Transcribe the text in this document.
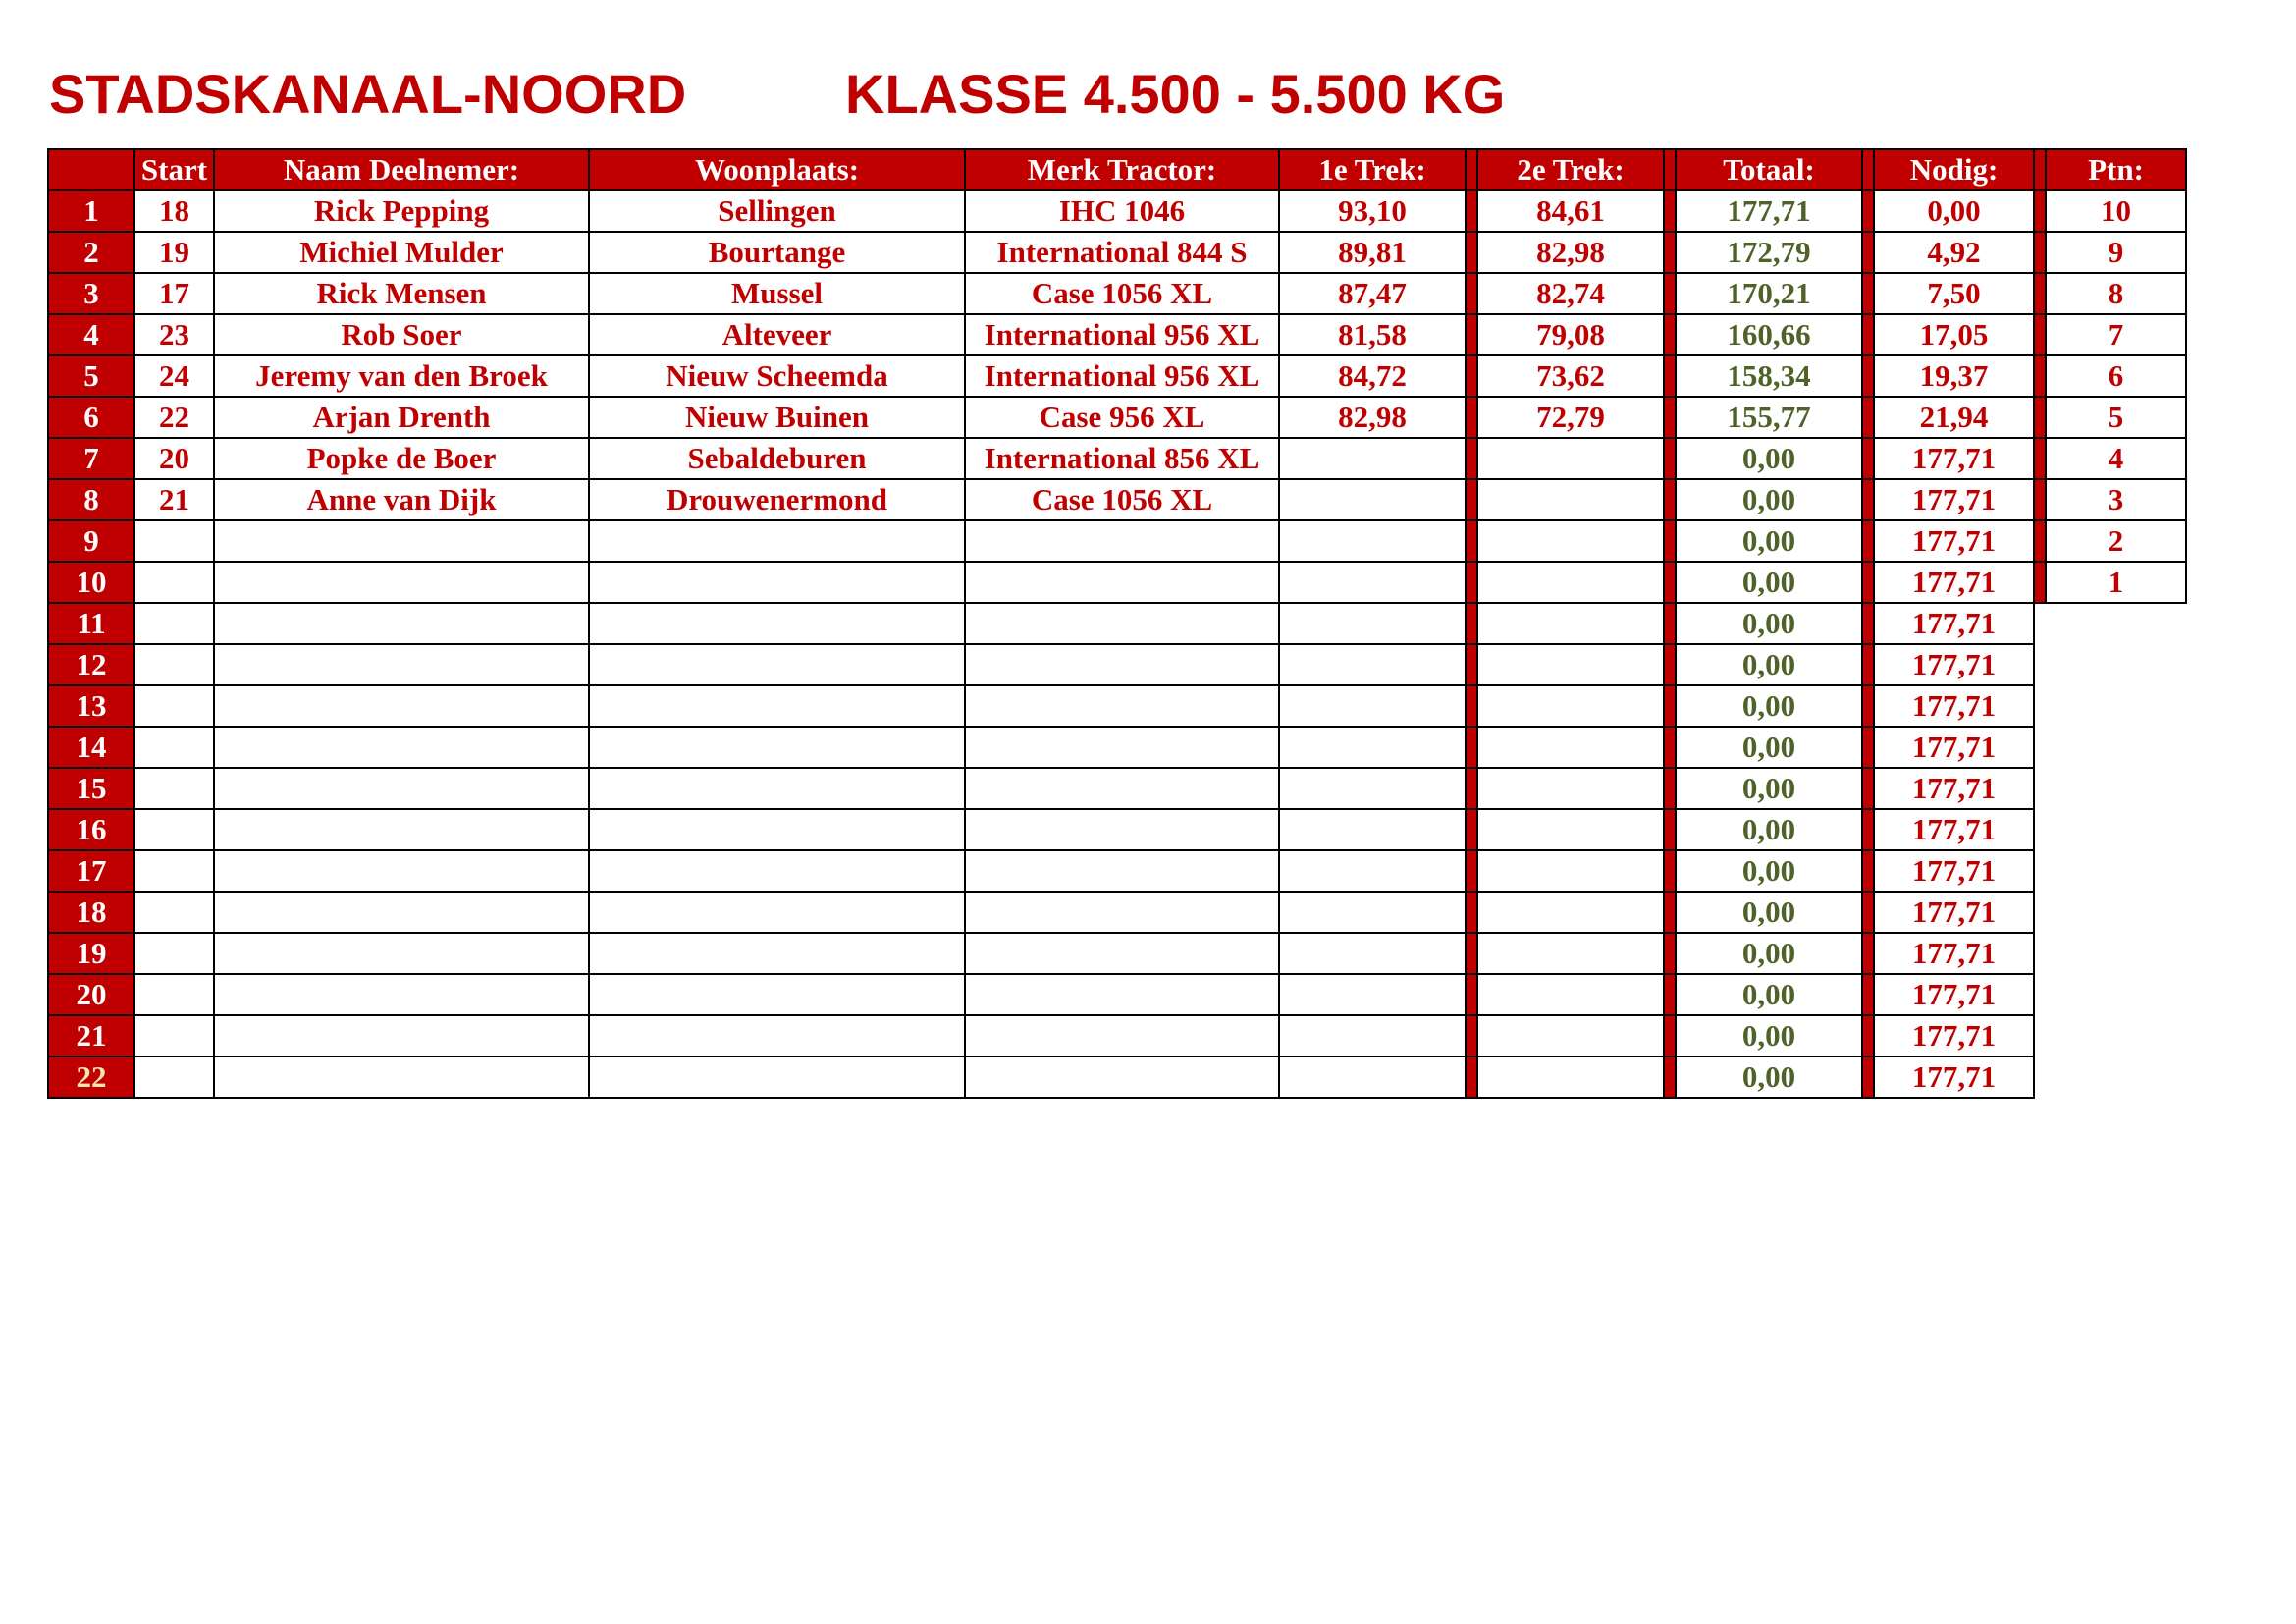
STADSKANAAL-NOORD	KLASSE 4.500 - 5.500 KG
	Start	Naam Deelnemer:	Woonplaats:	Merk Tractor:	1e Trek:		2e Trek:		Totaal:		Nodig:		Ptn:
1	18	Rick Pepping	Sellingen	IHC 1046	93,10		84,61		177,71		0,00		10
2	19	Michiel Mulder	Bourtange	International 844 S	89,81		82,98		172,79		4,92		9
3	17	Rick Mensen	Mussel	Case 1056 XL	87,47		82,74		170,21		7,50		8
4	23	Rob Soer	Alteveer	International 956 XL	81,58		79,08		160,66		17,05		7
5	24	Jeremy van den Broek	Nieuw Scheemda	International 956 XL	84,72		73,62		158,34		19,37		6
6	22	Arjan Drenth	Nieuw Buinen	Case 956 XL	82,98		72,79		155,77		21,94		5
7	20	Popke de Boer	Sebaldeburen	International 856 XL					0,00		177,71		4
8	21	Anne van Dijk	Drouwenermond	Case 1056 XL					0,00		177,71		3
9									0,00		177,71		2
10									0,00		177,71		1
11									0,00		177,71		
12									0,00		177,71		
13									0,00		177,71		
14									0,00		177,71		
15									0,00		177,71		
16									0,00		177,71		
17									0,00		177,71		
18									0,00		177,71		
19									0,00		177,71		
20									0,00		177,71		
21									0,00		177,71		
22									0,00		177,71		
